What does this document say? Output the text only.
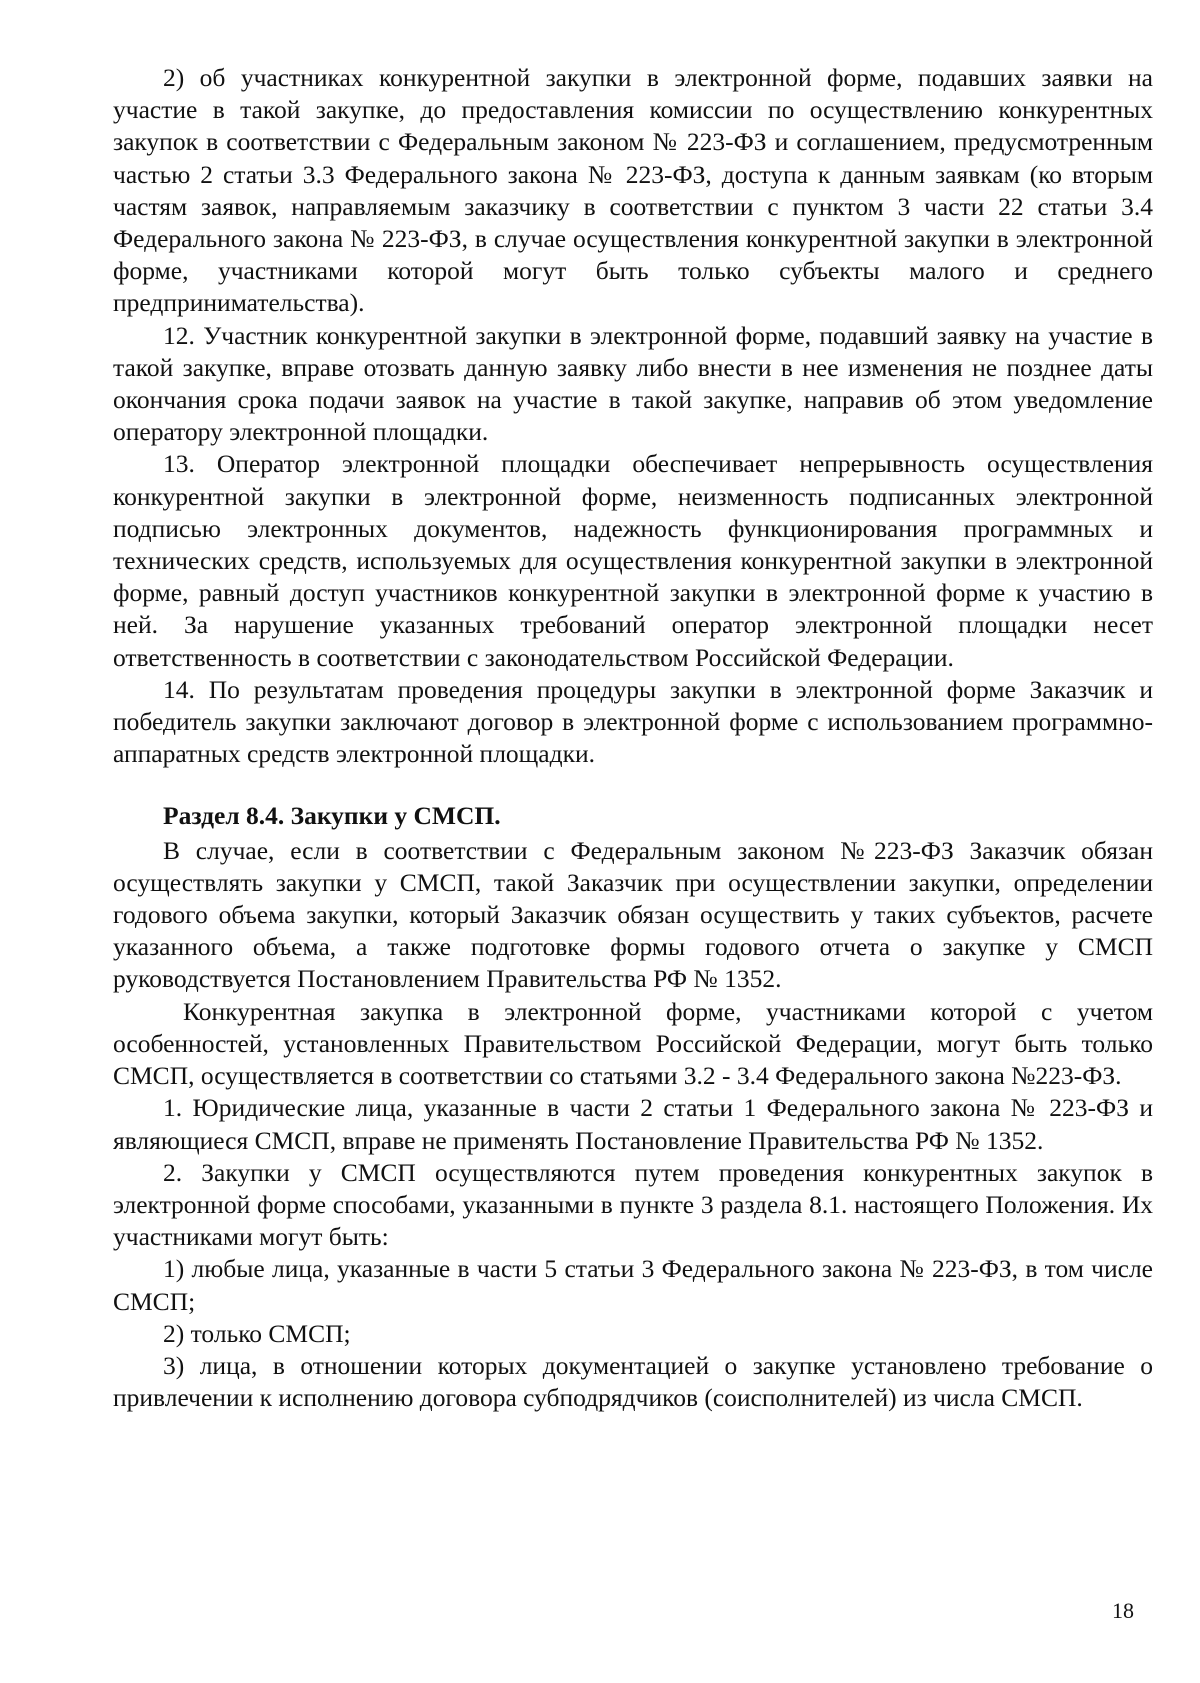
2) об участниках конкурентной закупки в электронной форме, подавших заявки на участие в такой закупке, до предоставления комиссии по осуществлению конкурентных закупок в соответствии с Федеральным законом № 223-ФЗ и соглашением, предусмотренным частью 2 статьи 3.3 Федерального закона № 223-ФЗ, доступа к данным заявкам (ко вторым частям заявок, направляемым заказчику в соответствии с пунктом 3 части 22 статьи 3.4 Федерального закона № 223-ФЗ, в случае осуществления конкурентной закупки в электронной форме, участниками которой могут быть только субъекты малого и среднего предпринимательства).

12. Участник конкурентной закупки в электронной форме, подавший заявку на участие в такой закупке, вправе отозвать данную заявку либо внести в нее изменения не позднее даты окончания срока подачи заявок на участие в такой закупке, направив об этом уведомление оператору электронной площадки.

13. Оператор электронной площадки обеспечивает непрерывность осуществления конкурентной закупки в электронной форме, неизменность подписанных электронной подписью электронных документов, надежность функционирования программных и технических средств, используемых для осуществления конкурентной закупки в электронной форме, равный доступ участников конкурентной закупки в электронной форме к участию в ней. За нарушение указанных требований оператор электронной площадки несет ответственность в соответствии с законодательством Российской Федерации.

14. По результатам проведения процедуры закупки в электронной форме Заказчик и победитель закупки заключают договор в электронной форме с использованием программно-аппаратных средств электронной площадки.

Раздел 8.4. Закупки у СМСП.

В случае, если в соответствии с Федеральным законом №223-ФЗ Заказчик обязан осуществлять закупки у СМСП, такой Заказчик при осуществлении закупки, определении годового объема закупки, который Заказчик обязан осуществить у таких субъектов, расчете указанного объема, а также подготовке формы годового отчета о закупке у СМСП руководствуется Постановлением Правительства РФ № 1352.

Конкурентная закупка в электронной форме, участниками которой с учетом особенностей, установленных Правительством Российской Федерации, могут быть только СМСП, осуществляется в соответствии со статьями 3.2 - 3.4 Федерального закона №223-ФЗ.

1. Юридические лица, указанные в части 2 статьи 1 Федерального закона № 223-ФЗ и являющиеся СМСП, вправе не применять Постановление Правительства РФ № 1352.

2. Закупки у СМСП осуществляются путем проведения конкурентных закупок в электронной форме способами, указанными в пункте 3 раздела 8.1. настоящего Положения. Их участниками могут быть:

1) любые лица, указанные в части 5 статьи 3 Федерального закона № 223-ФЗ, в том числе СМСП;

2) только СМСП;

3) лица, в отношении которых документацией о закупке установлено требование о привлечении к исполнению договора субподрядчиков (соисполнителей) из числа СМСП.

18
